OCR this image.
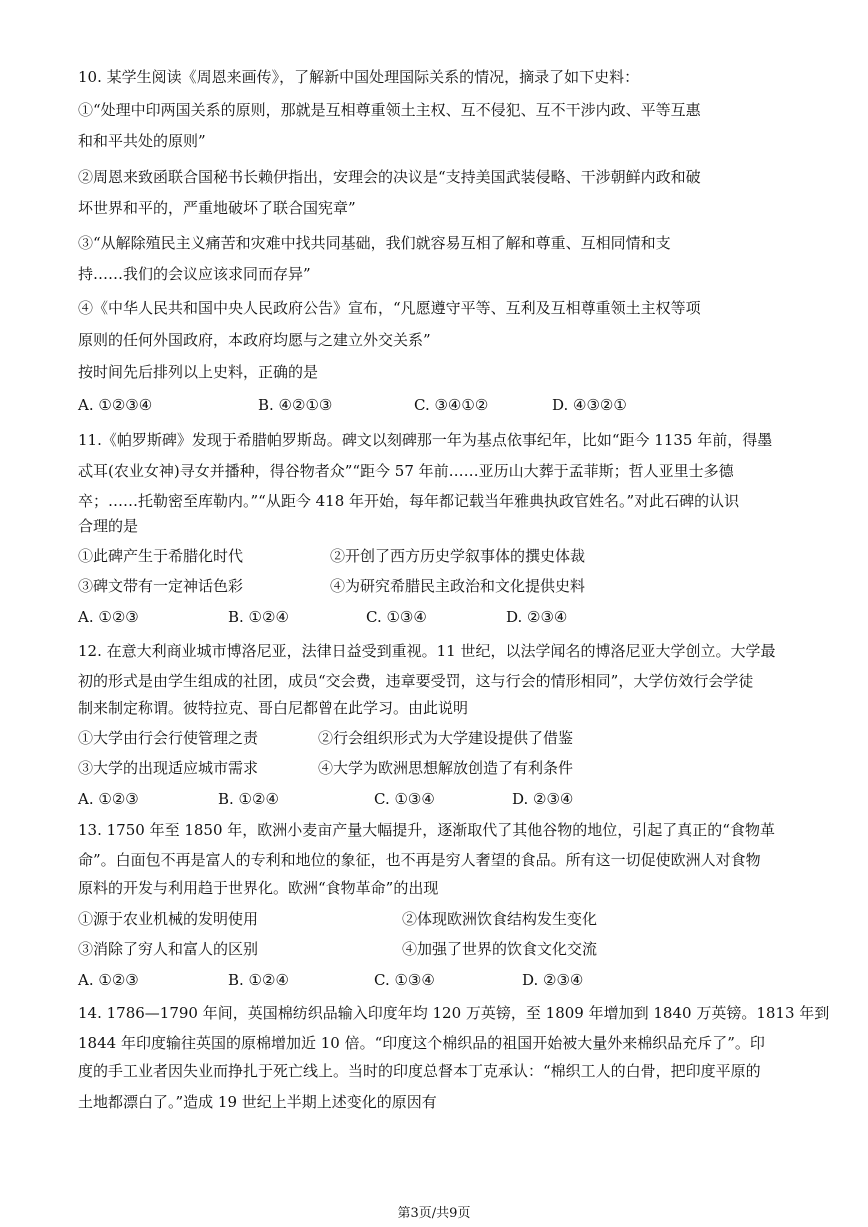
10. 某学生阅读《周恩来画传》，了解新中国处理国际关系的情况，摘录了如下史料：
①“处理中印两国关系的原则，那就是互相尊重领土主权、互不侵犯、互不干涉内政、平等互惠
和和平共处的原则”
②周恩来致函联合国秘书长赖伊指出，安理会的决议是“支持美国武装侵略、干涉朝鲜内政和破
坏世界和平的，严重地破坏了联合国宪章”
③“从解除殖民主义痛苦和灾难中找共同基础，我们就容易互相了解和尊重、互相同情和支
持……我们的会议应该求同而存异”
④《中华人民共和国中央人民政府公告》宣布，“凡愿遵守平等、互利及互相尊重领土主权等项
原则的任何外国政府，本政府均愿与之建立外交关系”
按时间先后排列以上史料，正确的是
A. ①②③④	B. ④②①③	C. ③④①②	D. ④③②①
11.《帕罗斯碑》发现于希腊帕罗斯岛。碑文以刻碑那一年为基点依事纪年，比如“距今 1135 年前，得墨
忒耳(农业女神)寻女并播种，得谷物者众”“距今 57 年前……亚历山大葬于孟菲斯；哲人亚里士多德
卒；……托勒密至库勒内。”“从距今 418 年开始，每年都记载当年雅典执政官姓名。”对此石碑的认识
合理的是
①此碑产生于希腊化时代	②开创了西方历史学叙事体的撰史体裁
③碑文带有一定神话色彩	④为研究希腊民主政治和文化提供史料
A. ①②③	B. ①②④	C. ①③④	D. ②③④
12. 在意大利商业城市博洛尼亚，法律日益受到重视。11 世纪，以法学闻名的博洛尼亚大学创立。大学最
初的形式是由学生组成的社团，成员“交会费，违章要受罚，这与行会的情形相同”，大学仿效行会学徒
制来制定称谓。彼特拉克、哥白尼都曾在此学习。由此说明
①大学由行会行使管理之责	②行会组织形式为大学建设提供了借鉴
③大学的出现适应城市需求	④大学为欧洲思想解放创造了有利条件
A. ①②③	B. ①②④	C. ①③④	D. ②③④
13. 1750 年至 1850 年，欧洲小麦亩产量大幅提升，逐渐取代了其他谷物的地位，引起了真正的“食物革
命”。白面包不再是富人的专利和地位的象征，也不再是穷人奢望的食品。所有这一切促使欧洲人对食物
原料的开发与利用趋于世界化。欧洲“食物革命”的出现
①源于农业机械的发明使用	②体现欧洲饮食结构发生变化
③消除了穷人和富人的区别	④加强了世界的饮食文化交流
A. ①②③	B. ①②④	C. ①③④	D. ②③④
14. 1786—1790 年间，英国棉纺织品输入印度年均 120 万英镑，至 1809 年增加到 1840 万英镑。1813 年到
1844 年印度输往英国的原棉增加近 10 倍。“印度这个棉织品的祖国开始被大量外来棉织品充斥了”。印
度的手工业者因失业而挣扎于死亡线上。当时的印度总督本丁克承认：“棉织工人的白骨，把印度平原的
土地都漂白了。”造成 19 世纪上半期上述变化的原因有
第3页/共9页
